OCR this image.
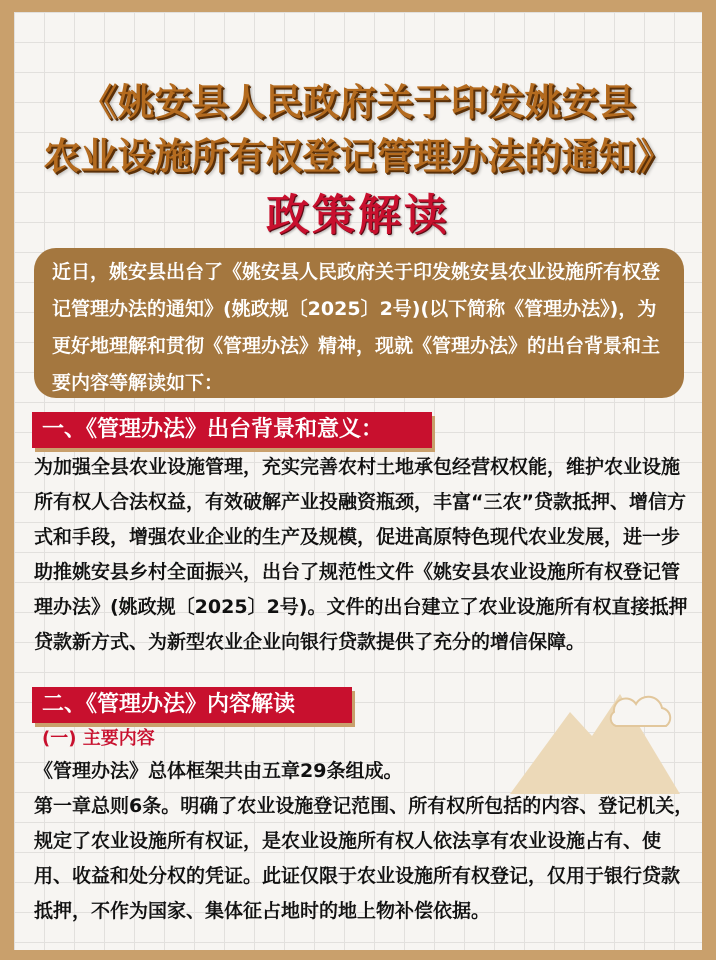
《姚安县人民政府关于印发姚安县
农业设施所有权登记管理办法的通知》
政策解读
近日，姚安县出台了《姚安县人民政府关于印发姚安县农业设施所有权登记管理办法的通知》(姚政规〔2025〕2号)(以下简称《管理办法》)，为更好地理解和贯彻《管理办法》精神，现就《管理办法》的出台背景和主要内容等解读如下：
一、《管理办法》出台背景和意义：
为加强全县农业设施管理，充实完善农村土地承包经营权权能，维护农业设施所有权人合法权益，有效破解产业投融资瓶颈，丰富“三农”贷款抵押、增信方式和手段，增强农业企业的生产及规模，促进高原特色现代农业发展，进一步助推姚安县乡村全面振兴，出台了规范性文件《姚安县农业设施所有权登记管理办法》(姚政规〔2025〕2号)。文件的出台建立了农业设施所有权直接抵押贷款新方式、为新型农业企业向银行贷款提供了充分的增信保障。
二、《管理办法》内容解读
(一) 主要内容
《管理办法》总体框架共由五章29条组成。
第一章总则6条。明确了农业设施登记范围、所有权所包括的内容、登记机关，规定了农业设施所有权证，是农业设施所有权人依法享有农业设施占有、使用、收益和处分权的凭证。此证仅限于农业设施所有权登记，仅用于银行贷款抵押，不作为国家、集体征占地时的地上物补偿依据。
